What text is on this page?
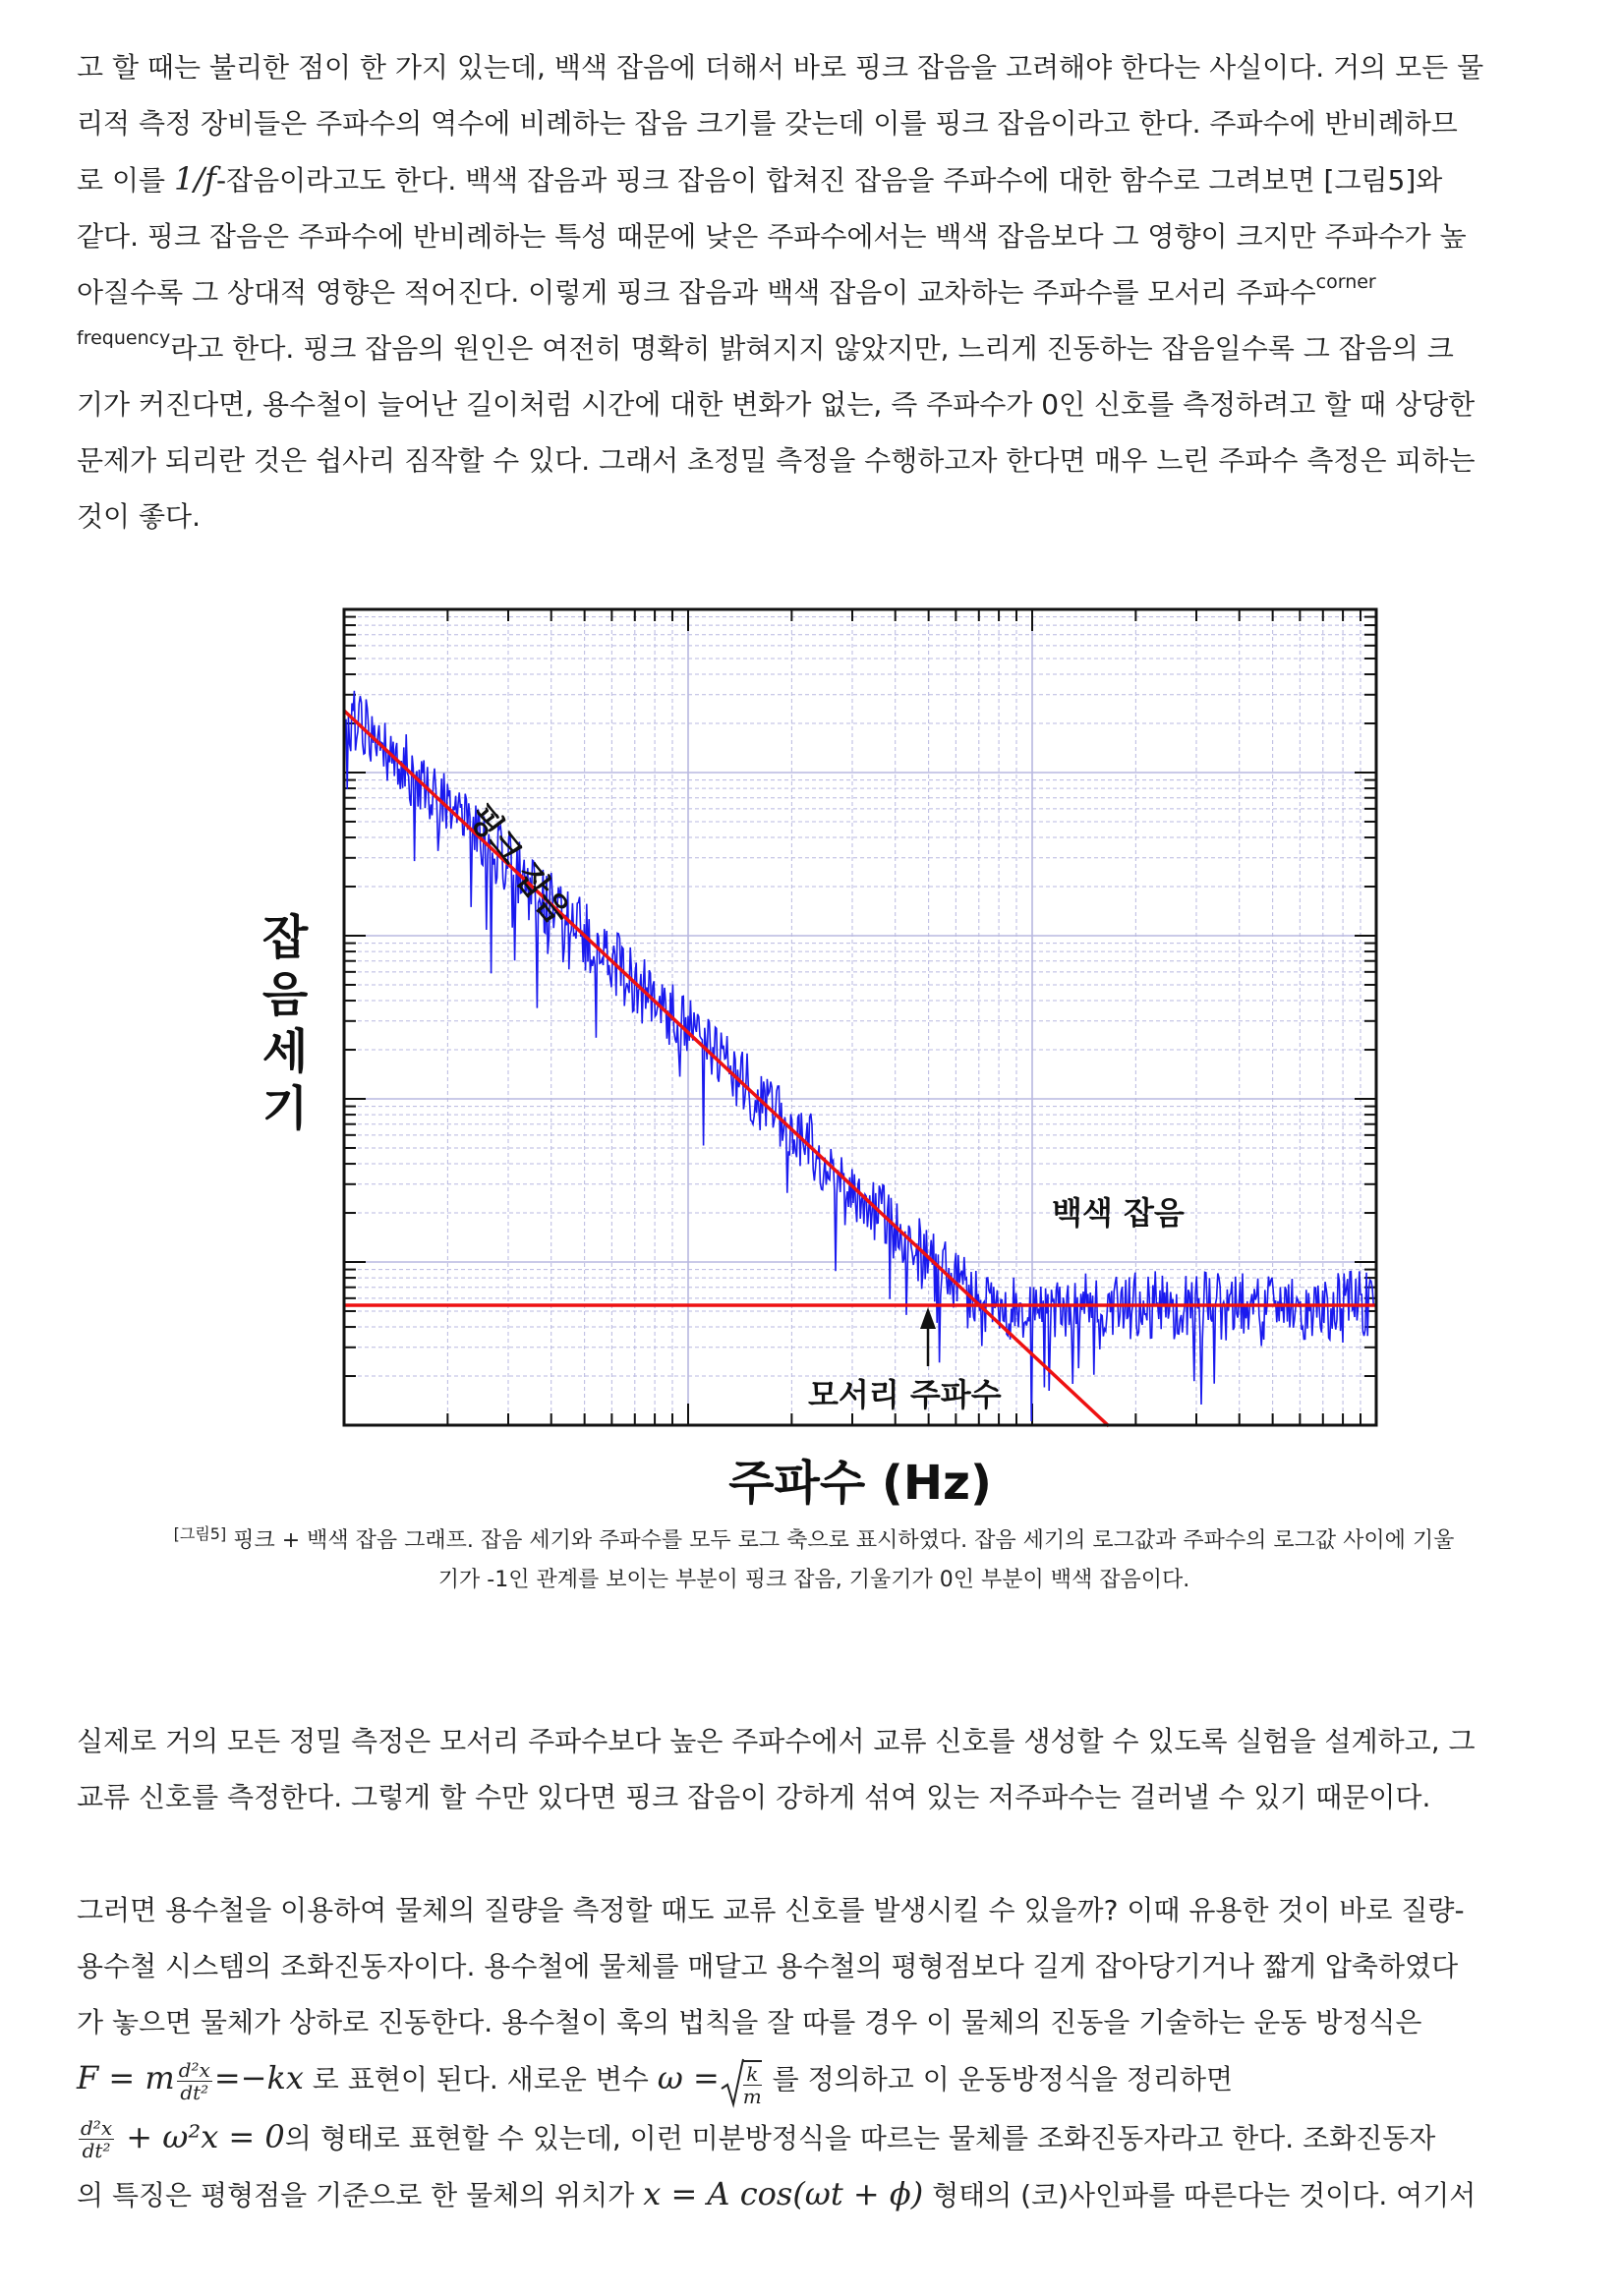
고 할 때는 불리한 점이 한 가지 있는데, 백색 잡음에 더해서 바로 핑크 잡음을 고려해야 한다는 사실이다. 거의 모든 물
리적 측정 장비들은 주파수의 역수에 비례하는 잡음 크기를 갖는데 이를 핑크 잡음이라고 한다. 주파수에 반비례하므
로 이를 1/f-잡음이라고도 한다. 백색 잡음과 핑크 잡음이 합쳐진 잡음을 주파수에 대한 함수로 그려보면 [그림5]와
같다. 핑크 잡음은 주파수에 반비례하는 특성 때문에 낮은 주파수에서는 백색 잡음보다 그 영향이 크지만 주파수가 높
아질수록 그 상대적 영향은 적어진다. 이렇게 핑크 잡음과 백색 잡음이 교차하는 주파수를 모서리 주파수$^{corner}$
$^{frequency}$라고 한다. 핑크 잡음의 원인은 여전히 명확히 밝혀지지 않았지만, 느리게 진동하는 잡음일수록 그 잡음의 크
기가 커진다면, 용수철이 늘어난 길이처럼 시간에 대한 변화가 없는, 즉 주파수가 0인 신호를 측정하려고 할 때 상당한
문제가 되리란 것은 쉽사리 짐작할 수 있다. 그래서 초정밀 측정을 수행하고자 한다면 매우 느린 주파수 측정은 피하는
것이 좋다.
핑크 잡음
백색 잡음
모서리 주파수
잡
음
세
기
주파수 (Hz)
[그림5] 핑크 + 백색 잡음 그래프. 잡음 세기와 주파수를 모두 로그 축으로 표시하였다. 잡음 세기의 로그값과 주파수의 로그값 사이에 기울
기가 -1인 관계를 보이는 부분이 핑크 잡음, 기울기가 0인 부분이 백색 잡음이다.
실제로 거의 모든 정밀 측정은 모서리 주파수보다 높은 주파수에서 교류 신호를 생성할 수 있도록 실험을 설계하고, 그
교류 신호를 측정한다. 그렇게 할 수만 있다면 핑크 잡음이 강하게 섞여 있는 저주파수는 걸러낼 수 있기 때문이다.
그러면 용수철을 이용하여 물체의 질량을 측정할 때도 교류 신호를 발생시킬 수 있을까? 이때 유용한 것이 바로 질량-
용수철 시스템의 조화진동자이다. 용수철에 물체를 매달고 용수철의 평형점보다 길게 잡아당기거나 짧게 압축하였다
가 놓으면 물체가 상하로 진동한다. 용수철이 훅의 법칙을 잘 따를 경우 이 물체의 진동을 기술하는 운동 방정식은
F = m $\frac{\text{d²x}}{\text{dt²}} =-kx$ 로 표현이 된다. 새로운 변수 $\omega = \frac{k}{m}$ 를 정의하고 이 운동방정식을 정리하면
$\frac{\text{d²x}}{\text{dt²}} + \omega^2x = 0$의 형태로 표현할 수 있는데, 이런 미분방정식을 따르는 물체를 조화진동자라고 한다. 조화진동자
의 특징은 평형점을 기준으로 한 물체의 위치가 x = A cos(ωt + ϕ) 형태의 (코)사인파를 따른다는 것이다. 여기서
